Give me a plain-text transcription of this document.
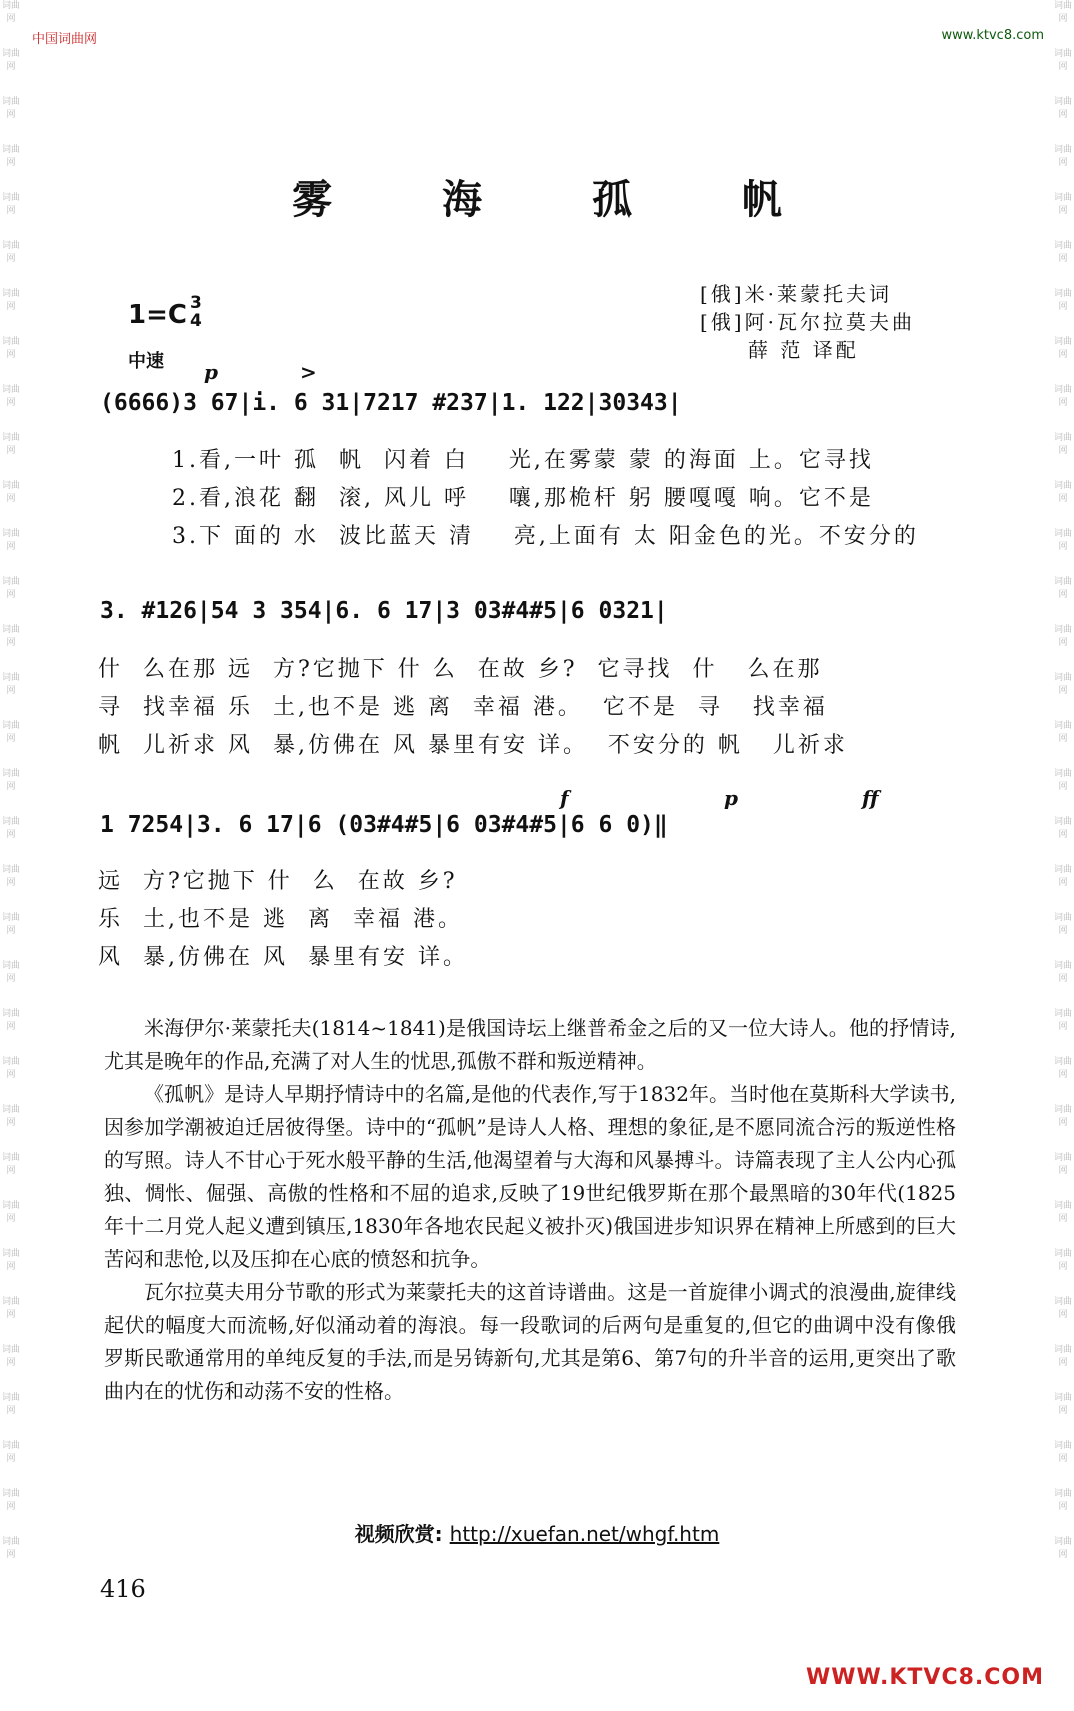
词曲网
词曲网
词曲网
词曲网
词曲网
词曲网
词曲网
词曲网
词曲网
词曲网
词曲网
词曲网
词曲网
词曲网
词曲网
词曲网
词曲网
词曲网
词曲网
词曲网
词曲网
词曲网
词曲网
词曲网
词曲网
词曲网
词曲网
词曲网
词曲网
词曲网
词曲网
词曲网
词曲网
词曲网
词曲网
词曲网
词曲网
词曲网
词曲网
词曲网
词曲网
词曲网
词曲网
词曲网
词曲网
词曲网
词曲网
词曲网
词曲网
词曲网
词曲网
词曲网
词曲网
词曲网
词曲网
词曲网
词曲网
词曲网
词曲网
词曲网
词曲网
词曲网
词曲网
词曲网
词曲网
词曲网
中国词曲网	www.ktvc8.com
雾 海 孤 帆
[俄]米·莱蒙托夫词
[俄]阿·瓦尔拉莫夫曲
薛 范 译配
1=C 3
4
中速 p	>
(6666)3 67|i. 6 31|7217 #237|1. 122|30343|
1.看,一叶 孤  帆  闪着 白    光,在雾蒙 蒙 的海面 上。它寻找
2.看,浪花 翻  滚, 风儿 呼    嚷,那桅杆 躬 腰嘎嘎 响。它不是
3.下 面的 水  波比蓝天 清    亮,上面有 太 阳金色的光。不安分的
3. #126|54 3 354|6. 6 17|3 03#4#5|6 0321|
什  么在那 远  方?它抛下 什 么  在故 乡?  它寻找  什   么在那
寻  找幸福 乐  土,也不是 逃 离  幸福 港。  它不是  寻   找幸福
帆  儿祈求 风  暴,仿佛在 风 暴里有安 详。  不安分的 帆   儿祈求
f	p	ff
1 7254|3. 6 17|6 (03#4#5|6 03#4#5|6 6 0)‖
远  方?它抛下 什  么  在故 乡?
乐  土,也不是 逃  离  幸福 港。
风  暴,仿佛在 风  暴里有安 详。

米海伊尔·莱蒙托夫(1814~1841)是俄国诗坛上继普希金之后的又一位大诗人。他的抒情诗,尤其是晚年的作品,充满了对人生的忧思,孤傲不群和叛逆精神。

《孤帆》是诗人早期抒情诗中的名篇,是他的代表作,写于1832年。当时他在莫斯科大学读书,因参加学潮被迫迁居彼得堡。诗中的“孤帆”是诗人人格、理想的象征,是不愿同流合污的叛逆性格的写照。诗人不甘心于死水般平静的生活,他渴望着与大海和风暴搏斗。诗篇表现了主人公内心孤独、惆怅、倔强、高傲的性格和不屈的追求,反映了19世纪俄罗斯在那个最黑暗的30年代(1825年十二月党人起义遭到镇压,1830年各地农民起义被扑灭)俄国进步知识界在精神上所感到的巨大苦闷和悲怆,以及压抑在心底的愤怒和抗争。

瓦尔拉莫夫用分节歌的形式为莱蒙托夫的这首诗谱曲。这是一首旋律小调式的浪漫曲,旋律线起伏的幅度大而流畅,好似涌动着的海浪。每一段歌词的后两句是重复的,但它的曲调中没有像俄罗斯民歌通常用的单纯反复的手法,而是另铸新句,尤其是第6、第7句的升半音的运用,更突出了歌曲内在的忧伤和动荡不安的性格。

视频欣赏: http://xuefan.net/whgf.htm
416
WWW.KTVC8.COM
